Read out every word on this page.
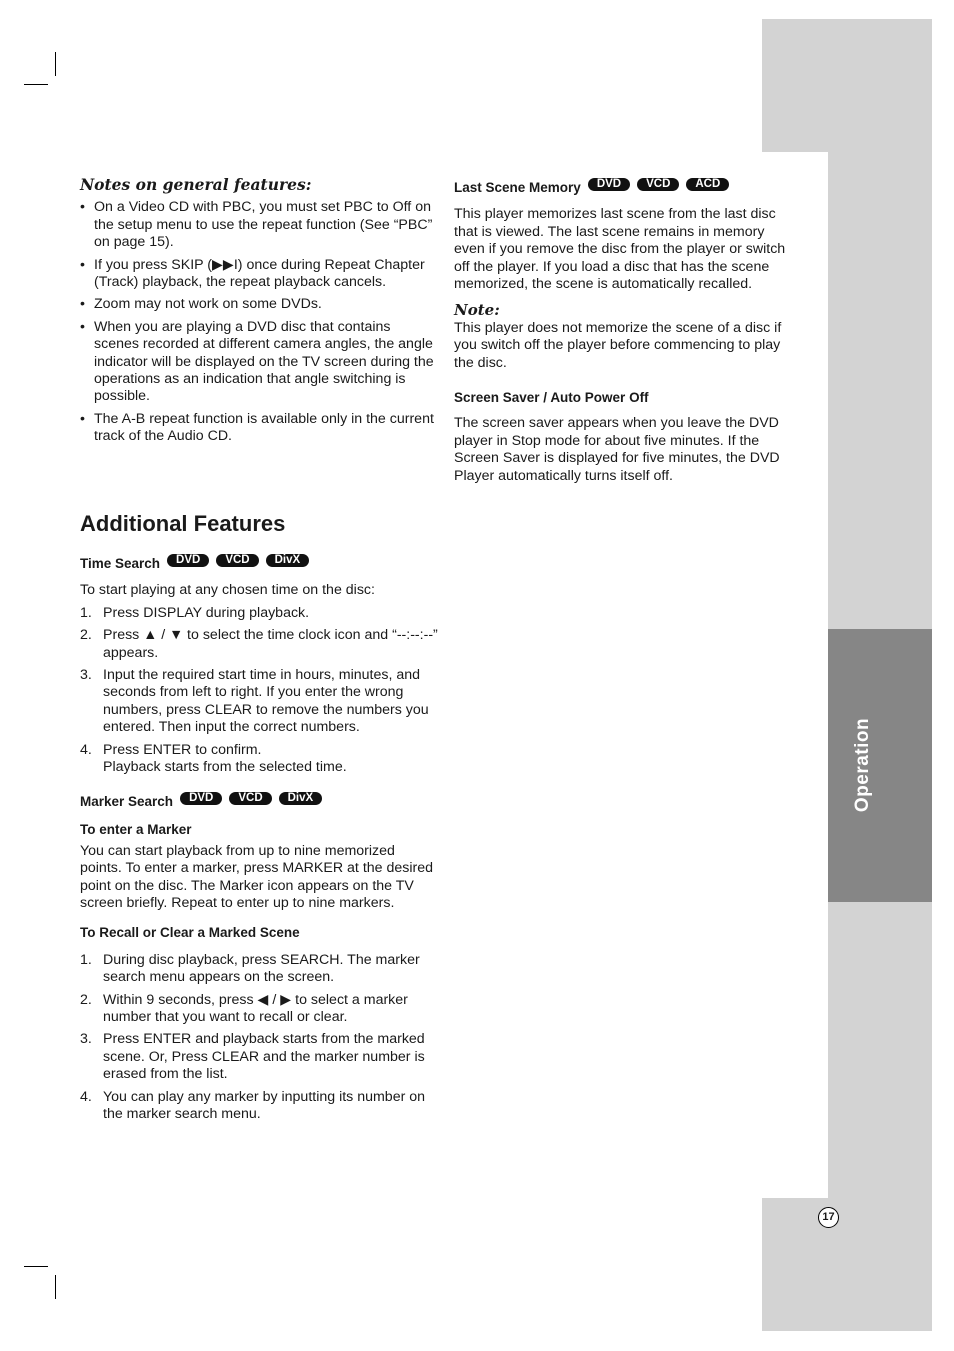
Operation
17
Notes on general features:
• On a Video CD with PBC, you must set PBC to Off on the setup menu to use the repeat function (See “PBC” on page 15).
• If you press SKIP (▶▶I) once during Repeat Chapter (Track) playback, the repeat playback cancels.
• Zoom may not work on some DVDs.
• When you are playing a DVD disc that contains scenes recorded at different camera angles, the angle indicator will be displayed on the TV screen during the operations as an indication that angle switching is possible.
• The A-B repeat function is available only in the current track of the Audio CD.
Additional Features
Time Search	DVD	VCD	DivX

To start playing at any chosen time on the disc:

1. Press DISPLAY during playback.
2. Press ▲ / ▼ to select the time clock icon and “--:--:--” appears.
3. Input the required start time in hours, minutes, and seconds from left to right. If you enter the wrong numbers, press CLEAR to remove the numbers you entered. Then input the correct numbers.
4. Press ENTER to confirm.
Playback starts from the selected time.
Marker Search	DVD	VCD	DivX
To enter a Marker

You can start playback from up to nine memorized points. To enter a marker, press MARKER at the desired point on the disc. The Marker icon appears on the TV screen briefly. Repeat to enter up to nine markers.

To Recall or Clear a Marked Scene
1. During disc playback, press SEARCH. The marker search menu appears on the screen.
2. Within 9 seconds, press ◀ / ▶ to select a marker number that you want to recall or clear.
3. Press ENTER and playback starts from the marked scene. Or, Press CLEAR and the marker number is erased from the list.
4. You can play any marker by inputting its number on the marker search menu.
Last Scene Memory	DVD	VCD	ACD

This player memorizes last scene from the last disc that is viewed. The last scene remains in memory even if you remove the disc from the player or switch off the player. If you load a disc that has the scene memorized, the scene is automatically recalled.

Note:

This player does not memorize the scene of a disc if you switch off the player before commencing to play the disc.

Screen Saver / Auto Power Off

The screen saver appears when you leave the DVD player in Stop mode for about five minutes. If the Screen Saver is displayed for five minutes, the DVD Player automatically turns itself off.
